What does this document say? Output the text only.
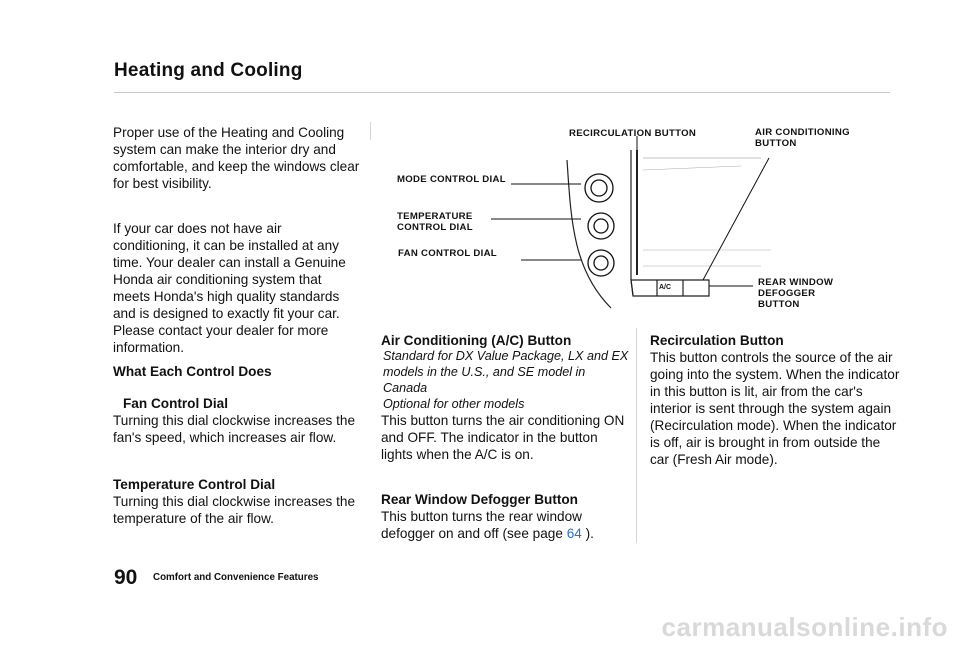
Heating and Cooling

Proper use of the Heating and Cooling system can make the interior dry and comfortable, and keep the windows clear for best visibility.

If your car does not have air conditioning, it can be installed at any time. Your dealer can install a Genuine Honda air conditioning system that meets Honda's high quality standards and is designed to exactly fit your car. Please contact your dealer for more information.

What Each Control Does
Fan Control Dial

Turning this dial clockwise increases the fan's speed, which increases air flow.

Temperature Control Dial

Turning this dial clockwise increases the temperature of the air flow.

RECIRCULATION BUTTON	AIR CONDITIONING BUTTON
MODE CONTROL DIAL
TEMPERATURE CONTROL DIAL
FAN CONTROL DIAL
REAR WINDOW DEFOGGER BUTTON
A/C
Air Conditioning (A/C) Button

Standard for DX Value Package, LX and EX models in the U.S., and SE model in Canada

Optional for other models

This button turns the air conditioning ON and OFF. The indicator in the button lights when the A/C is on.

Rear Window Defogger Button

This button turns the rear window defogger on and off (see page 64 ).

Recirculation Button

This button controls the source of the air going into the system. When the indicator in this button is lit, air from the car's interior is sent through the system again (Recirculation mode). When the indicator is off, air is brought in from outside the car (Fresh Air mode).

90 Comfort and Convenience Features
carmanualsonline.info
